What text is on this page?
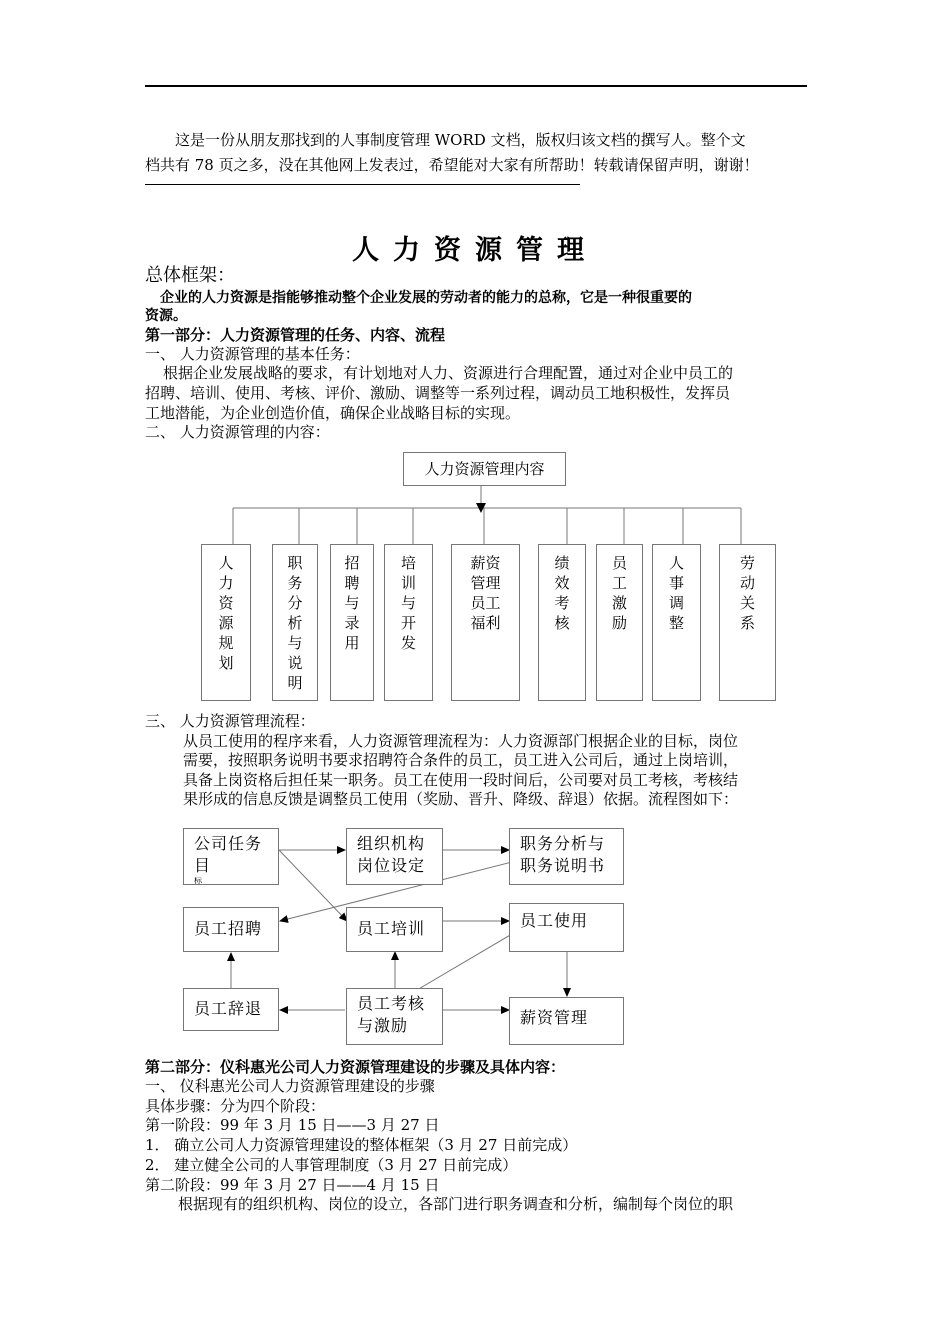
这是一份从朋友那找到的人事制度管理 WORD 文档，版权归该文档的撰写人。整个文
档共有 78 页之多，没在其他网上发表过，希望能对大家有所帮助！转载请保留声明，谢谢！
人力资源管理
总体框架：
企业的人力资源是指能够推动整个企业发展的劳动者的能力的总称，它是一种很重要的
资源。
第一部分：人力资源管理的任务、内容、流程
一、 人力资源管理的基本任务：
根据企业发展战略的要求，有计划地对人力、资源进行合理配置，通过对企业中员工的
招聘、培训、使用、考核、评价、激励、调整等一系列过程，调动员工地积极性，发挥员
工地潜能，为企业创造价值，确保企业战略目标的实现。
二、 人力资源管理的内容：
人力资源管理内容
人力资源规划
职务分析与说明
招聘与录用
培训与开发
薪资管理员工福利
绩效考核
员工激励
人事调整
劳动关系
三、 人力资源管理流程：
从员工使用的程序来看，人力资源管理流程为：人力资源部门根据企业的目标，岗位
需要，按照职务说明书要求招聘符合条件的员工，员工进入公司后，通过上岗培训，
具备上岗资格后担任某一职务。员工在使用一段时间后，公司要对员工考核，考核结
果形成的信息反馈是调整员工使用（奖励、晋升、降级、辞退）依据。流程图如下：
公司任务目
标
组织机构岗位设定
职务分析与职务说明书
员工招聘	员工培训	员工使用
员工辞退	员工考核与激励	薪资管理
第二部分：仪科惠光公司人力资源管理建设的步骤及具体内容：
一、 仪科惠光公司人力资源管理建设的步骤
具体步骤：分为四个阶段：
第一阶段：99 年 3 月 15 日——3 月 27 日
1． 确立公司人力资源管理建设的整体框架（3 月 27 日前完成）
2． 建立健全公司的人事管理制度（3 月 27 日前完成）
第二阶段：99 年 3 月 27 日——4 月 15 日
根据现有的组织机构、岗位的设立，各部门进行职务调查和分析，编制每个岗位的职
